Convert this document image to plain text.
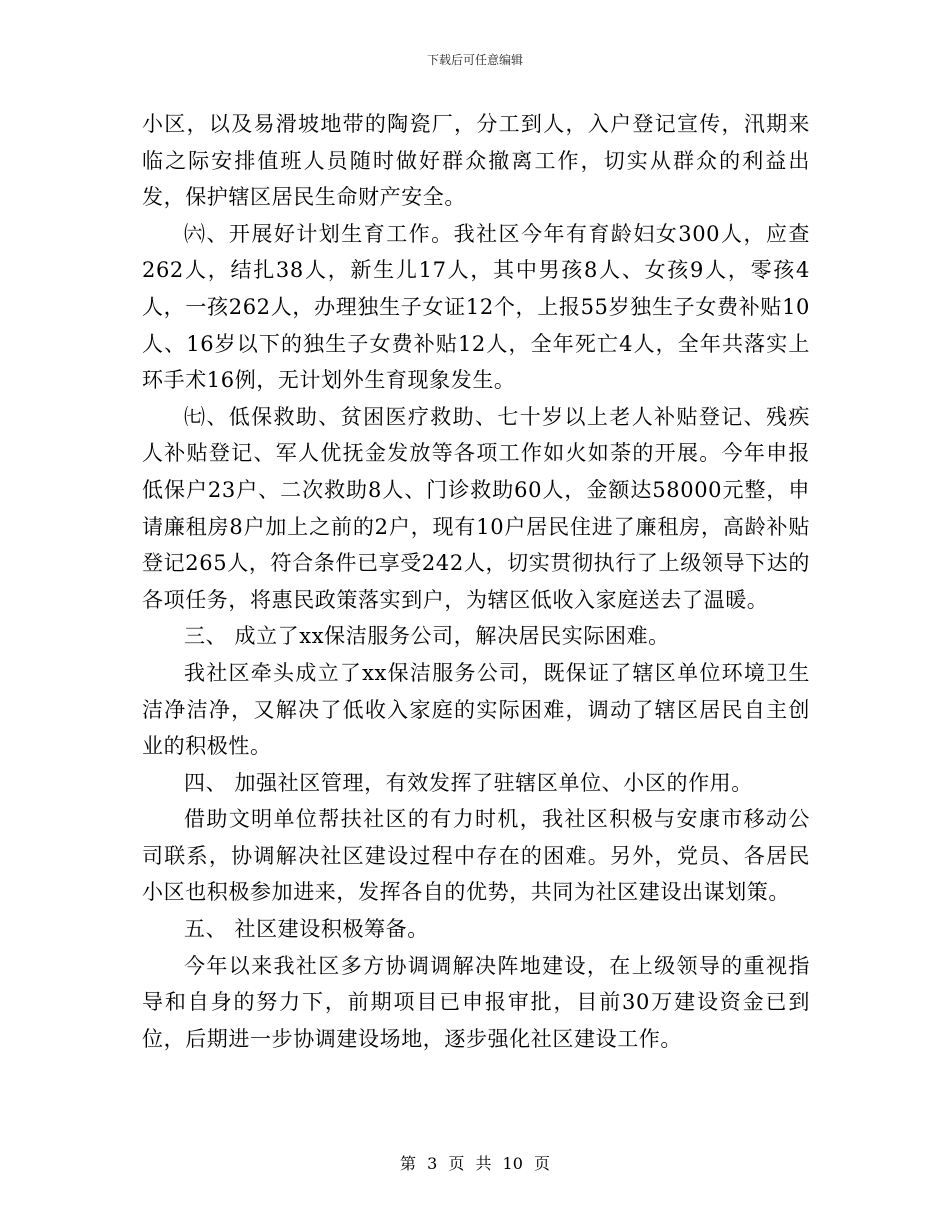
下载后可任意编辑

小区，以及易滑坡地带的陶瓷厂，分工到人，入户登记宣传，汛期来临之际安排值班人员随时做好群众撤离工作，切实从群众的利益出发，保护辖区居民生命财产安全。

㈥、开展好计划生育工作。我社区今年有育龄妇女300人，应查262人，结扎38人，新生儿17人，其中男孩8人、女孩9人，零孩4人，一孩262人，办理独生子女证12个，上报55岁独生子女费补贴10人、16岁以下的独生子女费补贴12人，全年死亡4人，全年共落实上环手术16例，无计划外生育现象发生。

㈦、低保救助、贫困医疗救助、七十岁以上老人补贴登记、残疾人补贴登记、军人优抚金发放等各项工作如火如荼的开展。今年申报低保户23户、二次救助8人、门诊救助60人，金额达58000元整，申请廉租房8户加上之前的2户，现有10户居民住进了廉租房，高龄补贴登记265人，符合条件已享受242人，切实贯彻执行了上级领导下达的各项任务，将惠民政策落实到户，为辖区低收入家庭送去了温暖。

三、 成立了xx保洁服务公司，解决居民实际困难。

我社区牵头成立了xx保洁服务公司，既保证了辖区单位环境卫生洁净洁净，又解决了低收入家庭的实际困难，调动了辖区居民自主创业的积极性。

四、 加强社区管理，有效发挥了驻辖区单位、小区的作用。

借助文明单位帮扶社区的有力时机，我社区积极与安康市移动公司联系，协调解决社区建设过程中存在的困难。另外，党员、各居民小区也积极参加进来，发挥各自的优势，共同为社区建设出谋划策。

五、 社区建设积极筹备。

今年以来我社区多方协调调解决阵地建设，在上级领导的重视指导和自身的努力下，前期项目已申报审批，目前30万建设资金已到位，后期进一步协调建设场地，逐步强化社区建设工作。

第 3 页 共 10 页
